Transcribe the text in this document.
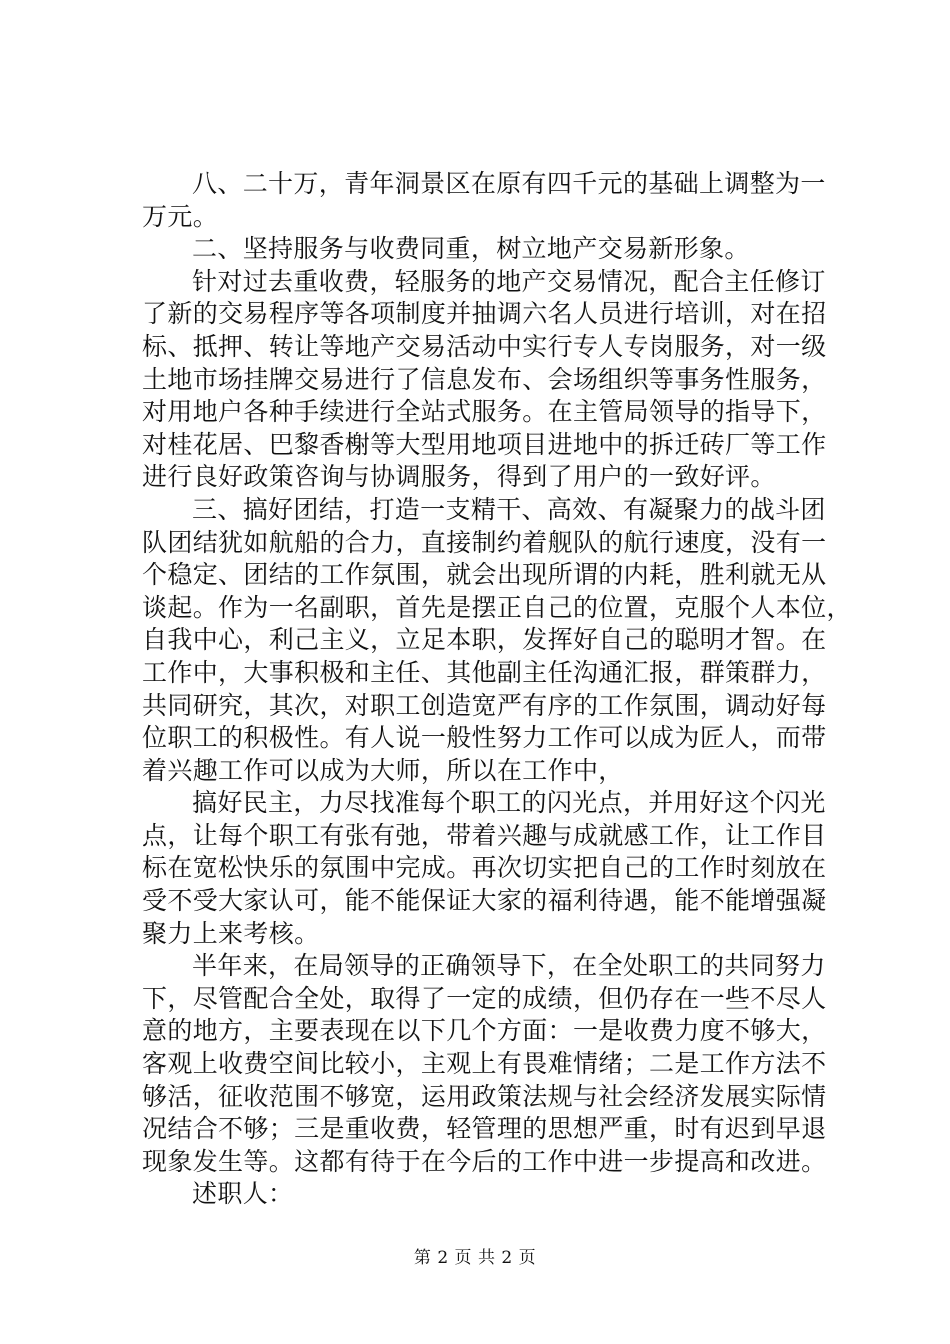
八、二十万，青年洞景区在原有四千元的基础上调整为一
万元。
二、坚持服务与收费同重，树立地产交易新形象。
针对过去重收费，轻服务的地产交易情况，配合主任修订
了新的交易程序等各项制度并抽调六名人员进行培训，对在招
标、抵押、转让等地产交易活动中实行专人专岗服务，对一级
土地市场挂牌交易进行了信息发布、会场组织等事务性服务，
对用地户各种手续进行全站式服务。在主管局领导的指导下，
对桂花居、巴黎香榭等大型用地项目进地中的拆迁砖厂等工作
进行良好政策咨询与协调服务，得到了用户的一致好评。
三、搞好团结，打造一支精干、高效、有凝聚力的战斗团
队团结犹如航船的合力，直接制约着舰队的航行速度，没有一
个稳定、团结的工作氛围，就会出现所谓的内耗，胜利就无从
谈起。作为一名副职，首先是摆正自己的位置，克服个人本位，
自我中心，利己主义，立足本职，发挥好自己的聪明才智。在
工作中，大事积极和主任、其他副主任沟通汇报，群策群力，
共同研究，其次，对职工创造宽严有序的工作氛围，调动好每
位职工的积极性。有人说一般性努力工作可以成为匠人，而带
着兴趣工作可以成为大师，所以在工作中，
搞好民主，力尽找准每个职工的闪光点，并用好这个闪光
点，让每个职工有张有弛，带着兴趣与成就感工作，让工作目
标在宽松快乐的氛围中完成。再次切实把自己的工作时刻放在
受不受大家认可，能不能保证大家的福利待遇，能不能增强凝
聚力上来考核。
半年来，在局领导的正确领导下，在全处职工的共同努力
下，尽管配合全处，取得了一定的成绩，但仍存在一些不尽人
意的地方，主要表现在以下几个方面：一是收费力度不够大，
客观上收费空间比较小，主观上有畏难情绪；二是工作方法不
够活，征收范围不够宽，运用政策法规与社会经济发展实际情
况结合不够；三是重收费，轻管理的思想严重，时有迟到早退
现象发生等。这都有待于在今后的工作中进一步提高和改进。
述职人：
第 2 页 共 2 页
